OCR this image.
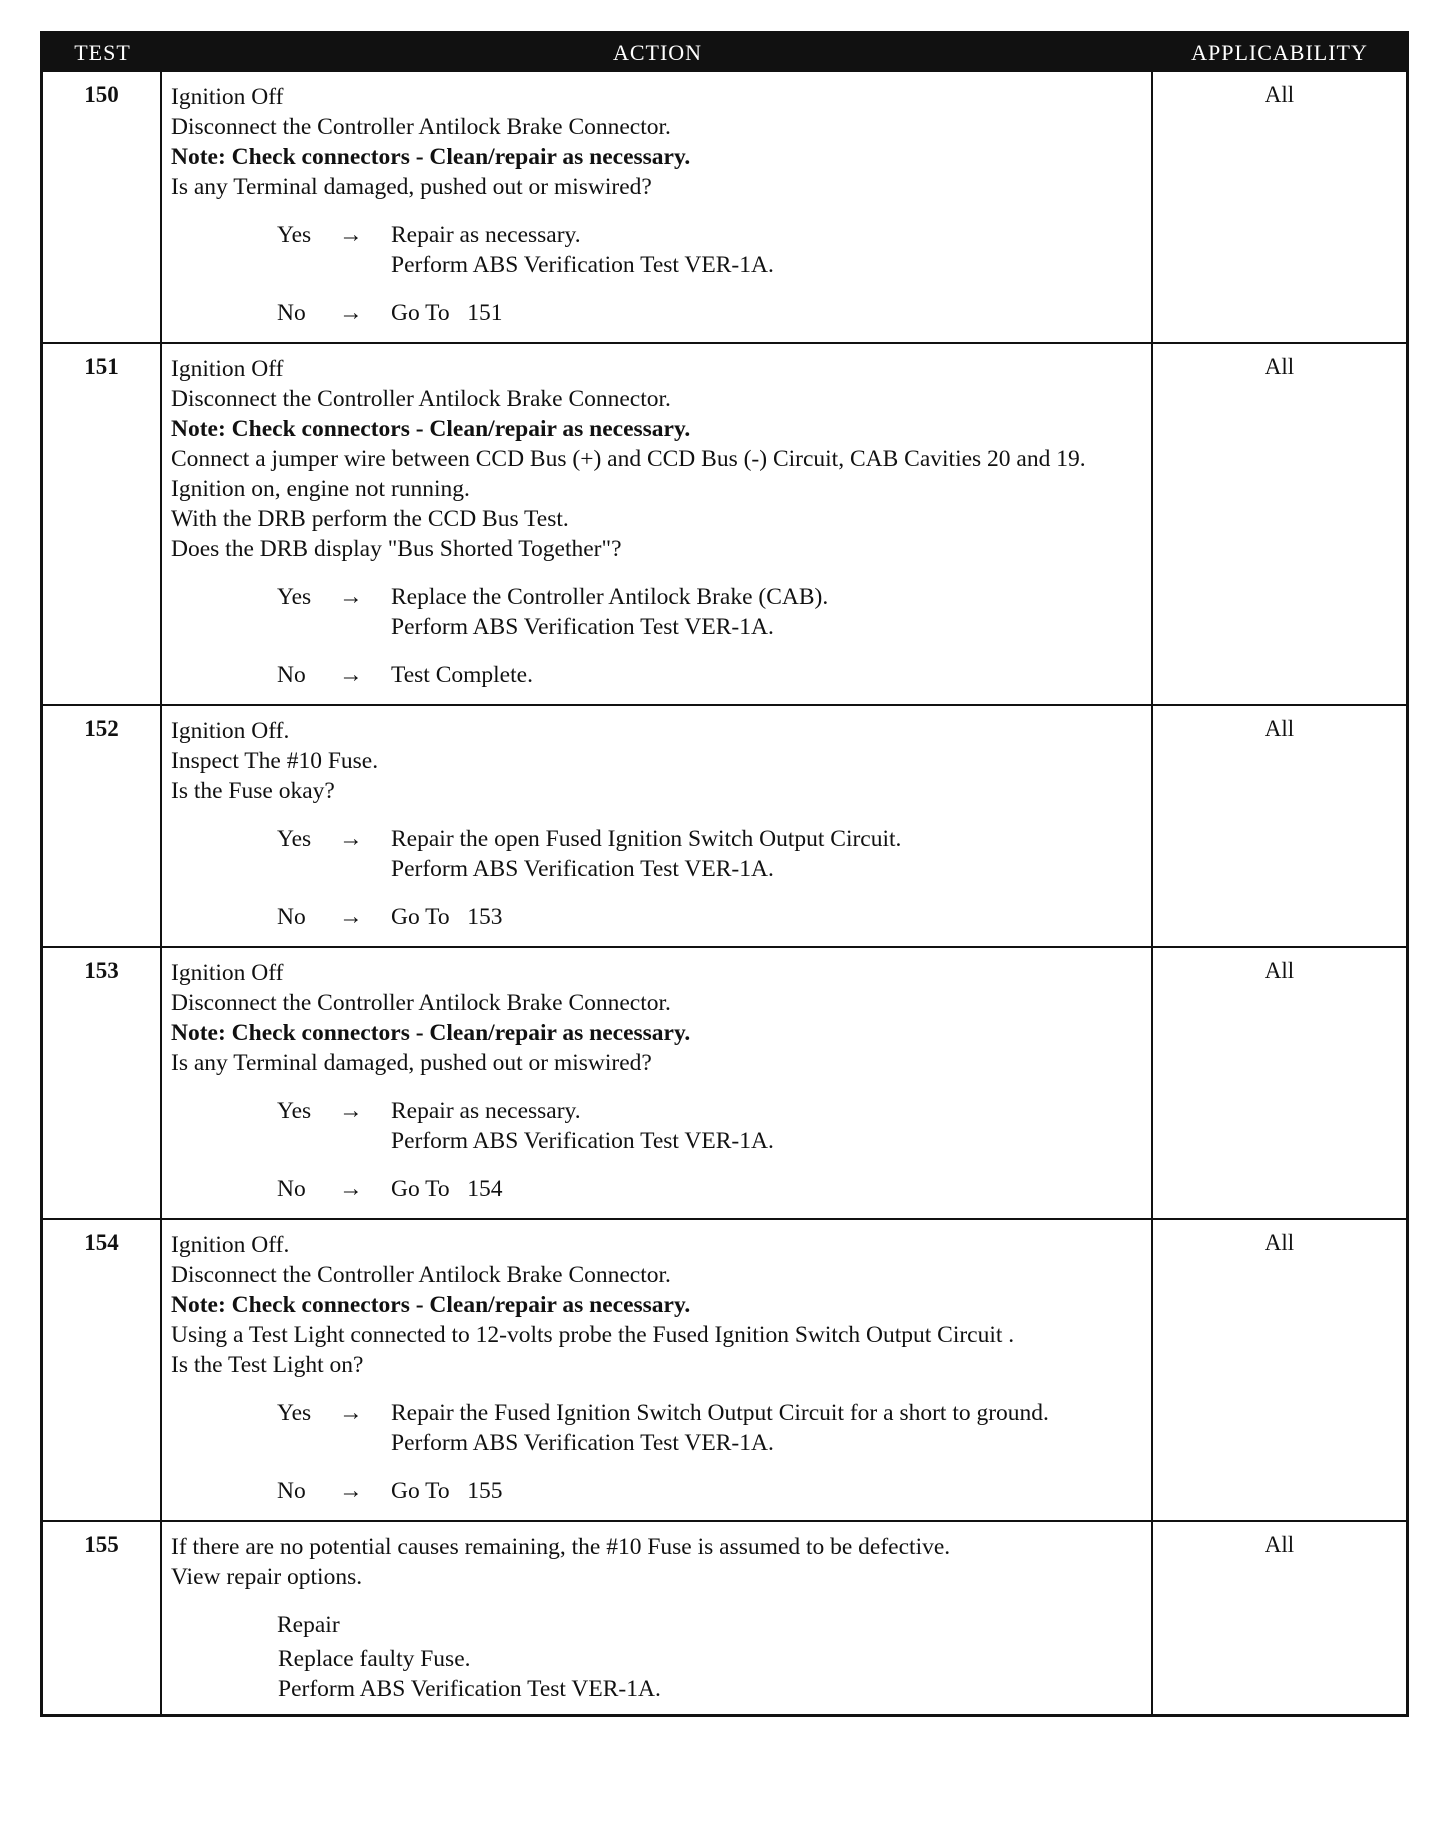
TEST	ACTION	APPLICABILITY
150	Ignition Off
Disconnect the Controller Antilock Brake Connector.
Note: Check connectors - Clean/repair as necessary.
Is any Terminal damaged, pushed out or miswired?
Yes	→	Repair as necessary.
Perform ABS Verification Test VER-1A.
No	→	Go To   151
All
151	Ignition Off
Disconnect the Controller Antilock Brake Connector.
Note: Check connectors - Clean/repair as necessary.
Connect a jumper wire between CCD Bus (+) and CCD Bus (-) Circuit, CAB Cavities 20 and 19.
Ignition on, engine not running.
With the DRB perform the CCD Bus Test.
Does the DRB display "Bus Shorted Together"?
Yes	→	Replace the Controller Antilock Brake (CAB).
Perform ABS Verification Test VER-1A.
No	→	Test Complete.
All
152	Ignition Off.
Inspect The #10 Fuse.
Is the Fuse okay?
Yes	→	Repair the open Fused Ignition Switch Output Circuit.
Perform ABS Verification Test VER-1A.
No	→	Go To   153
All
153	Ignition Off
Disconnect the Controller Antilock Brake Connector.
Note: Check connectors - Clean/repair as necessary.
Is any Terminal damaged, pushed out or miswired?
Yes	→	Repair as necessary.
Perform ABS Verification Test VER-1A.
No	→	Go To   154
All
154	Ignition Off.
Disconnect the Controller Antilock Brake Connector.
Note: Check connectors - Clean/repair as necessary.
Using a Test Light connected to 12-volts probe the Fused Ignition Switch Output Circuit .
Is the Test Light on?
Yes	→	Repair the Fused Ignition Switch Output Circuit for a short to ground.
Perform ABS Verification Test VER-1A.
No	→	Go To   155
All
155	If there are no potential causes remaining, the #10 Fuse is assumed to be defective.
View repair options.
Repair
Replace faulty Fuse.
Perform ABS Verification Test VER-1A.
All
